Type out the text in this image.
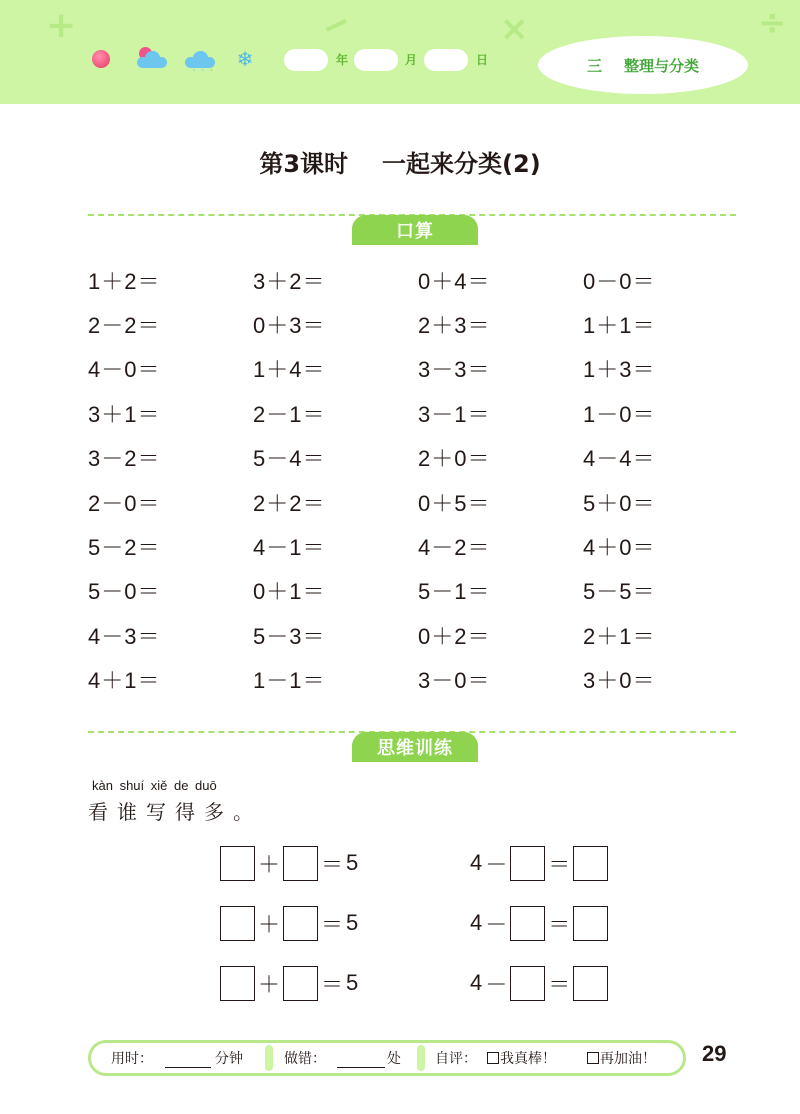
+	−	×	÷
' ' '
❄	年	月	日	三 整理与分类
第3课时 一起来分类(2)
口算
1＋2＝	3＋2＝	0＋4＝	0－0＝
2－2＝	0＋3＝	2＋3＝	1＋1＝
4－0＝	1＋4＝	3－3＝	1＋3＝
3＋1＝	2－1＝	3－1＝	1－0＝
3－2＝	5－4＝	2＋0＝	4－4＝
2－0＝	2＋2＝	0＋5＝	5＋0＝
5－2＝	4－1＝	4－2＝	4＋0＝
5－0＝	0＋1＝	5－1＝	5－5＝
4－3＝	5－3＝	0＋2＝	2＋1＝
4＋1＝	1－1＝	3－0＝	3＋0＝
思维训练
kàn shuí xiě de duō
看谁写得多。
＋ ＝ 5	4 － ＝
＋ ＝ 5	4 － ＝
＋ ＝ 5	4 － ＝
用时：	分钟	做错：	处 自评：	我真棒！	再加油！ 29
